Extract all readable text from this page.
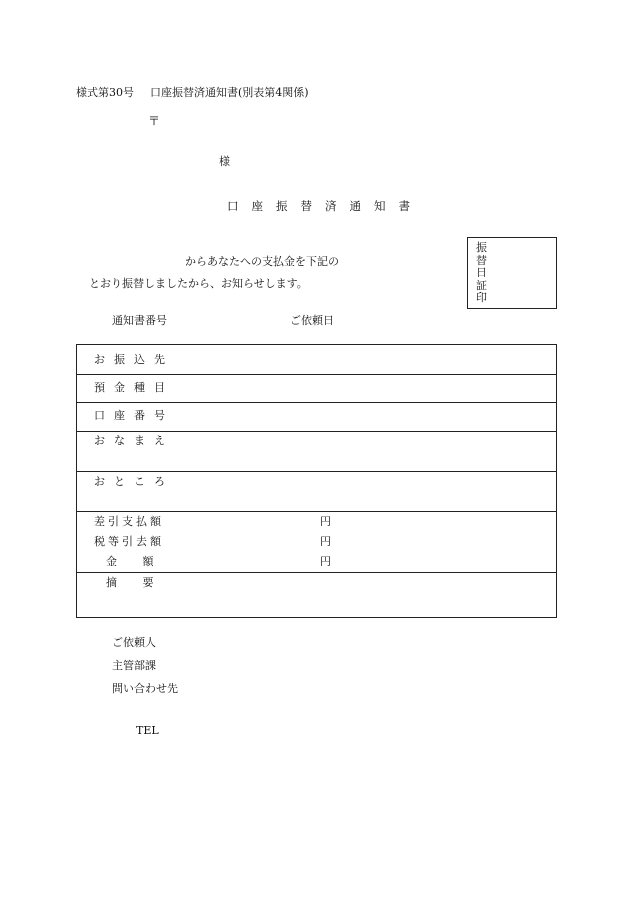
様式第30号 口座振替済通知書(別表第4関係)
〒
様
口座振替済通知書
からあなたへの支払金を下記の
とおり振替しましたから、お知らせします。
振
替
日
証
印
通知書番号	ご依頼日
お振込先
預金種目
口座番号
おなまえ
おところ
差引支払額	円
税等引去額	円
金 額	円
摘 要
ご依頼人
主管部課
問い合わせ先
TEL
